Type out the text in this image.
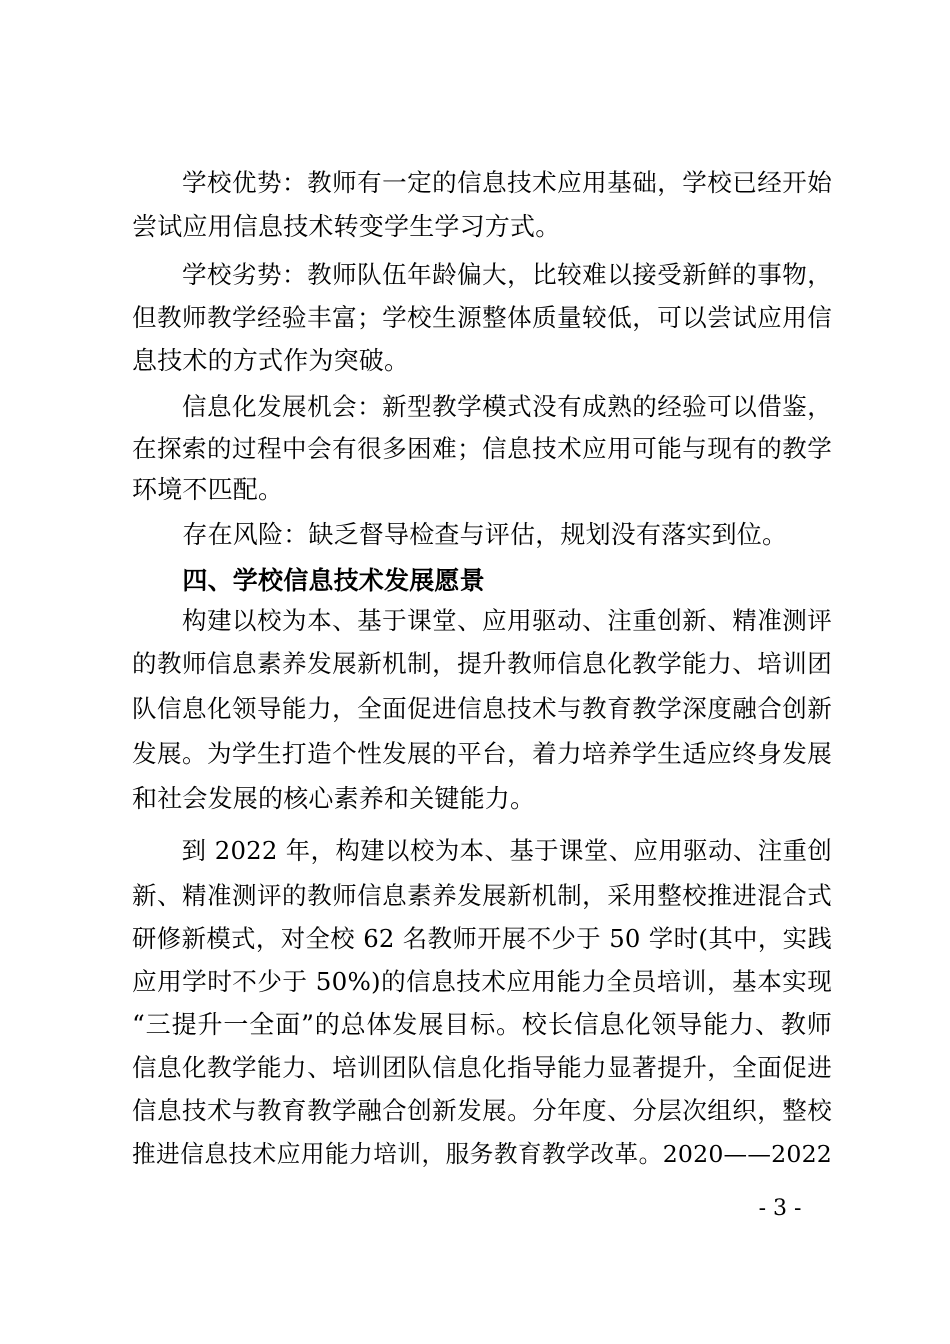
　　学校优势：教师有一定的信息技术应用基础，学校已经开始
尝试应用信息技术转变学生学习方式。
　　学校劣势：教师队伍年龄偏大，比较难以接受新鲜的事物，
但教师教学经验丰富；学校生源整体质量较低，可以尝试应用信
息技术的方式作为突破。
　　信息化发展机会：新型教学模式没有成熟的经验可以借鉴，
在探索的过程中会有很多困难；信息技术应用可能与现有的教学
环境不匹配。
　　存在风险：缺乏督导检查与评估，规划没有落实到位。
　　四、学校信息技术发展愿景
　　构建以校为本、基于课堂、应用驱动、注重创新、精准测评
的教师信息素养发展新机制，提升教师信息化教学能力、培训团
队信息化领导能力，全面促进信息技术与教育教学深度融合创新
发展。为学生打造个性发展的平台，着力培养学生适应终身发展
和社会发展的核心素养和关键能力。
　　到 2022 年，构建以校为本、基于课堂、应用驱动、注重创
新、精准测评的教师信息素养发展新机制，采用整校推进混合式
研修新模式，对全校 62 名教师开展不少于 50 学时(其中，实践
应用学时不少于 50%)的信息技术应用能力全员培训，基本实现
“三提升一全面”的总体发展目标。校长信息化领导能力、教师
信息化教学能力、培训团队信息化指导能力显著提升，全面促进
信息技术与教育教学融合创新发展。分年度、分层次组织，整校
推进信息技术应用能力培训，服务教育教学改革。2020——2022
- 3 -
